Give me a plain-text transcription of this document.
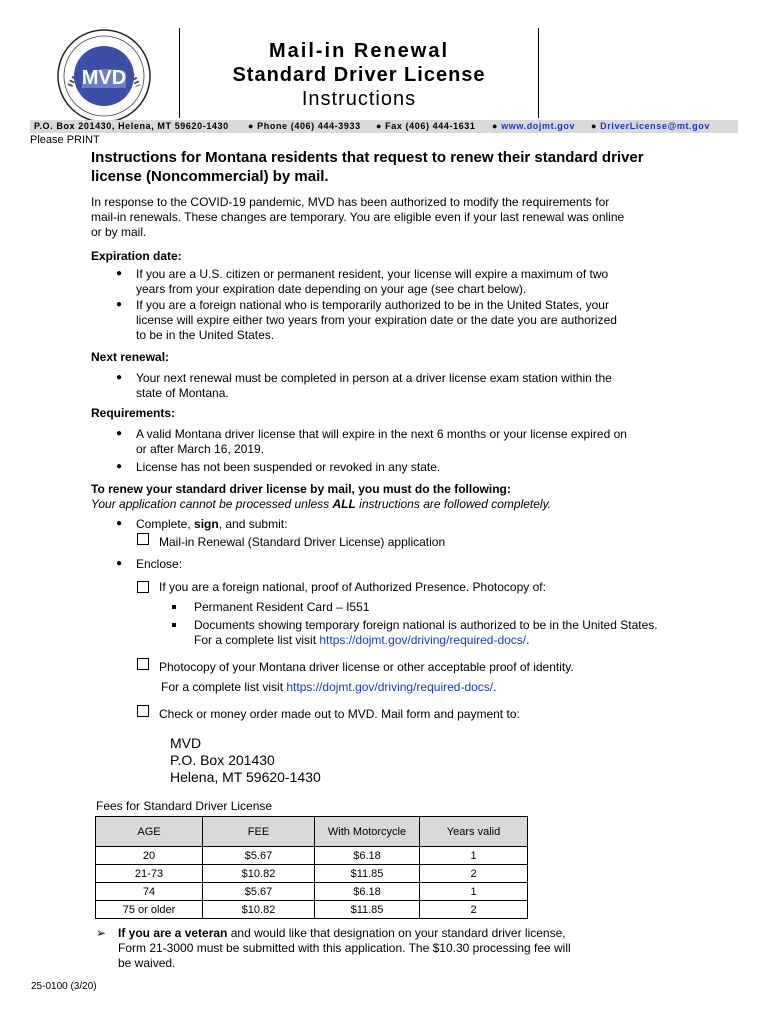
MVD
Mail-in Renewal
Standard Driver License
Instructions
P.O. Box 201430, Helena, MT 59620-1430 ● Phone (406) 444-3933 ● Fax (406) 444-1631 ● www.dojmt.gov ● DriverLicense@mt.gov
Please PRINT
Instructions for Montana residents that request to renew their standard driver
license (Noncommercial) by mail.
In response to the COVID-19 pandemic, MVD has been authorized to modify the requirements for
mail-in renewals. These changes are temporary. You are eligible even if your last renewal was online
or by mail.
Expiration date:
● If you are a U.S. citizen or permanent resident, your license will expire a maximum of two
years from your expiration date depending on your age (see chart below).
● If you are a foreign national who is temporarily authorized to be in the United States, your
license will expire either two years from your expiration date or the date you are authorized
to be in the United States.
Next renewal:
● Your next renewal must be completed in person at a driver license exam station within the
state of Montana.
Requirements:
● A valid Montana driver license that will expire in the next 6 months or your license expired on
or after March 16, 2019.
● License has not been suspended or revoked in any state.
To renew your standard driver license by mail, you must do the following:
Your application cannot be processed unless ALL instructions are followed completely.
● Complete, sign, and submit:
Mail-in Renewal (Standard Driver License) application
● Enclose:
If you are a foreign national, proof of Authorized Presence. Photocopy of:
Permanent Resident Card – I551
Documents showing temporary foreign national is authorized to be in the United States.
For a complete list visit https://dojmt.gov/driving/required-docs/.
Photocopy of your Montana driver license or other acceptable proof of identity.
For a complete list visit https://dojmt.gov/driving/required-docs/.
Check or money order made out to MVD. Mail form and payment to:
MVD
P.O. Box 201430
Helena, MT 59620-1430
Fees for Standard Driver License
AGE	FEE	With Motorcycle	Years valid
20	$5.67	$6.18	1
21-73	$10.82	$11.85	2
74	$5.67	$6.18	1
75 or older	$10.82	$11.85	2
➢ If you are a veteran and would like that designation on your standard driver license,
Form 21-3000 must be submitted with this application. The $10.30 processing fee will
be waived.
25-0100 (3/20)
